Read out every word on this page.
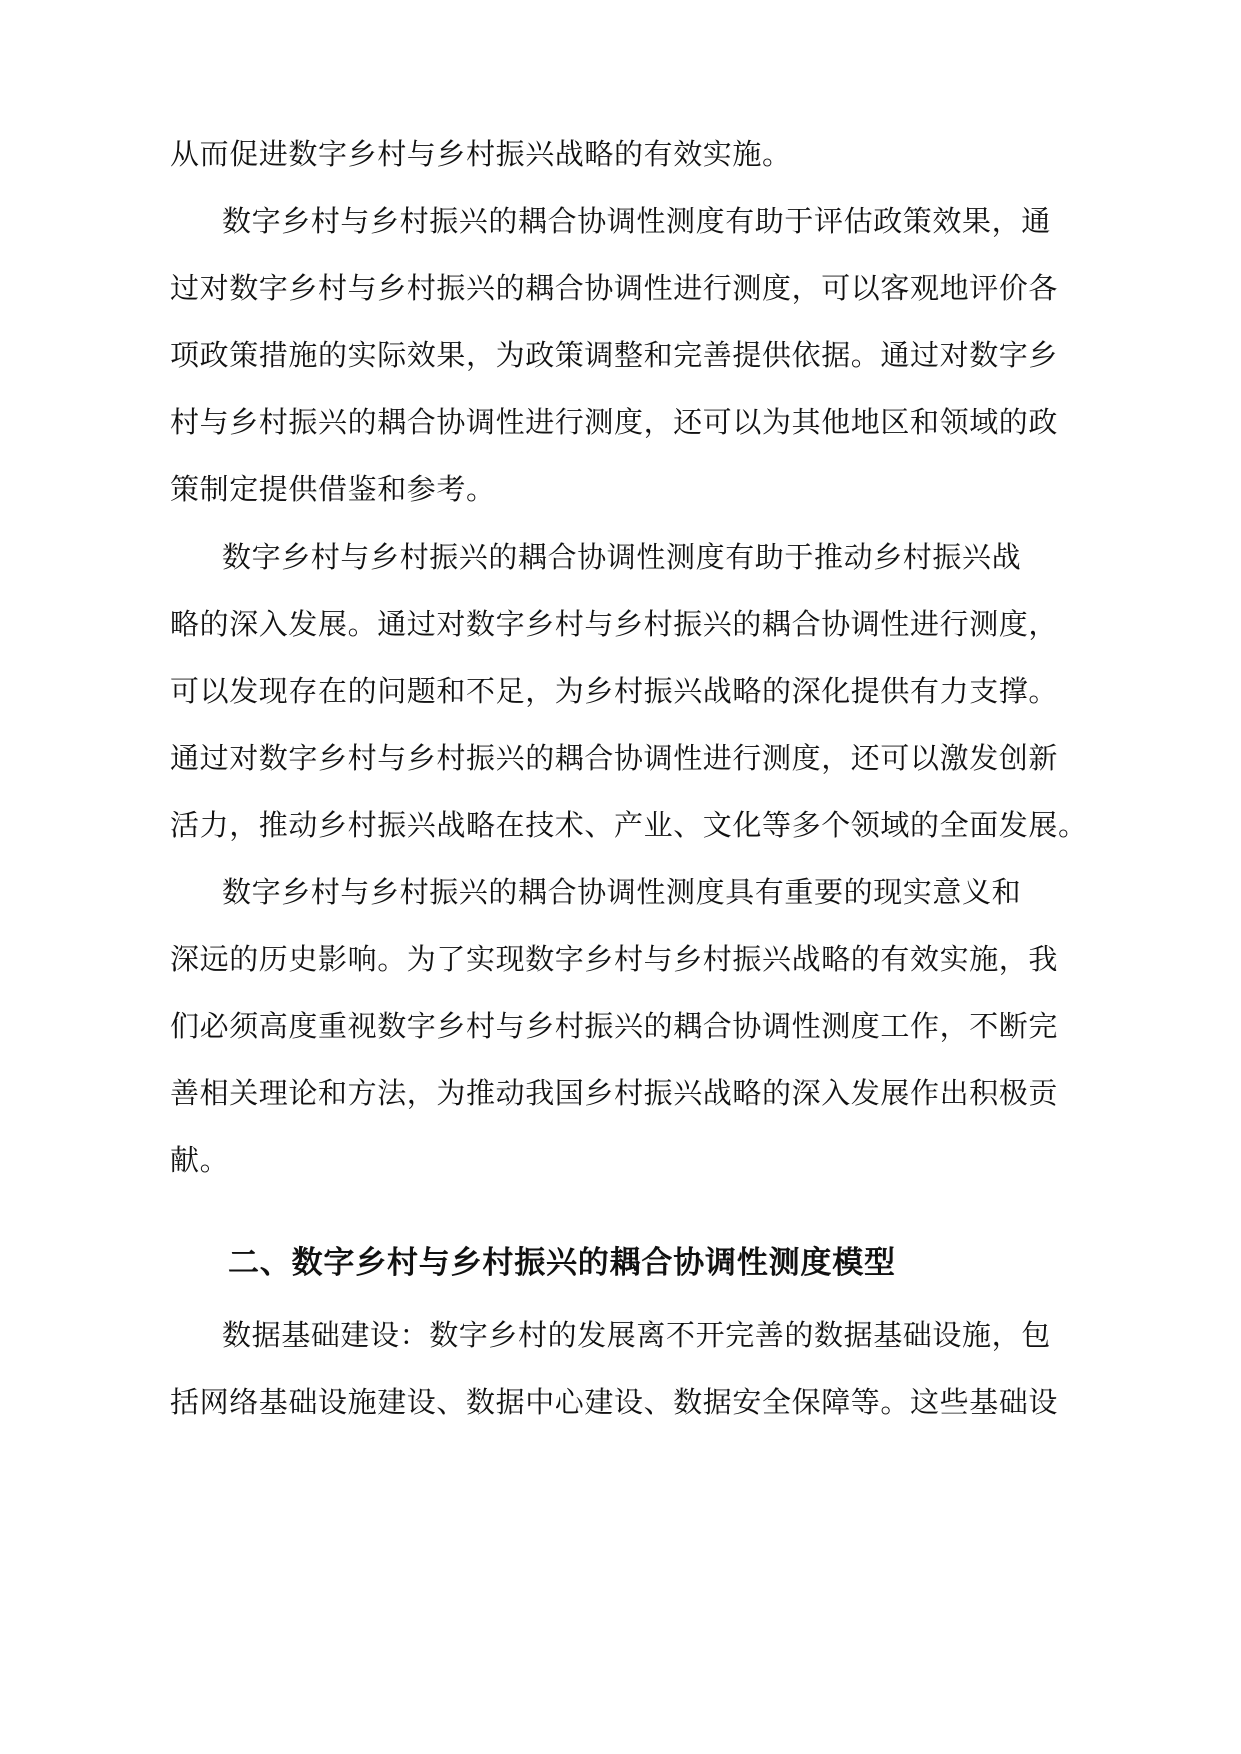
从而促进数字乡村与乡村振兴战略的有效实施。

数字乡村与乡村振兴的耦合协调性测度有助于评估政策效果，通

过对数字乡村与乡村振兴的耦合协调性进行测度，可以客观地评价各

项政策措施的实际效果，为政策调整和完善提供依据。通过对数字乡

村与乡村振兴的耦合协调性进行测度，还可以为其他地区和领域的政

策制定提供借鉴和参考。

数字乡村与乡村振兴的耦合协调性测度有助于推动乡村振兴战

略的深入发展。通过对数字乡村与乡村振兴的耦合协调性进行测度，

可以发现存在的问题和不足，为乡村振兴战略的深化提供有力支撑。

通过对数字乡村与乡村振兴的耦合协调性进行测度，还可以激发创新

活力，推动乡村振兴战略在技术、产业、文化等多个领域的全面发展。

数字乡村与乡村振兴的耦合协调性测度具有重要的现实意义和

深远的历史影响。为了实现数字乡村与乡村振兴战略的有效实施，我

们必须高度重视数字乡村与乡村振兴的耦合协调性测度工作，不断完

善相关理论和方法，为推动我国乡村振兴战略的深入发展作出积极贡

献。

二、数字乡村与乡村振兴的耦合协调性测度模型

数据基础建设：数字乡村的发展离不开完善的数据基础设施，包

括网络基础设施建设、数据中心建设、数据安全保障等。这些基础设
